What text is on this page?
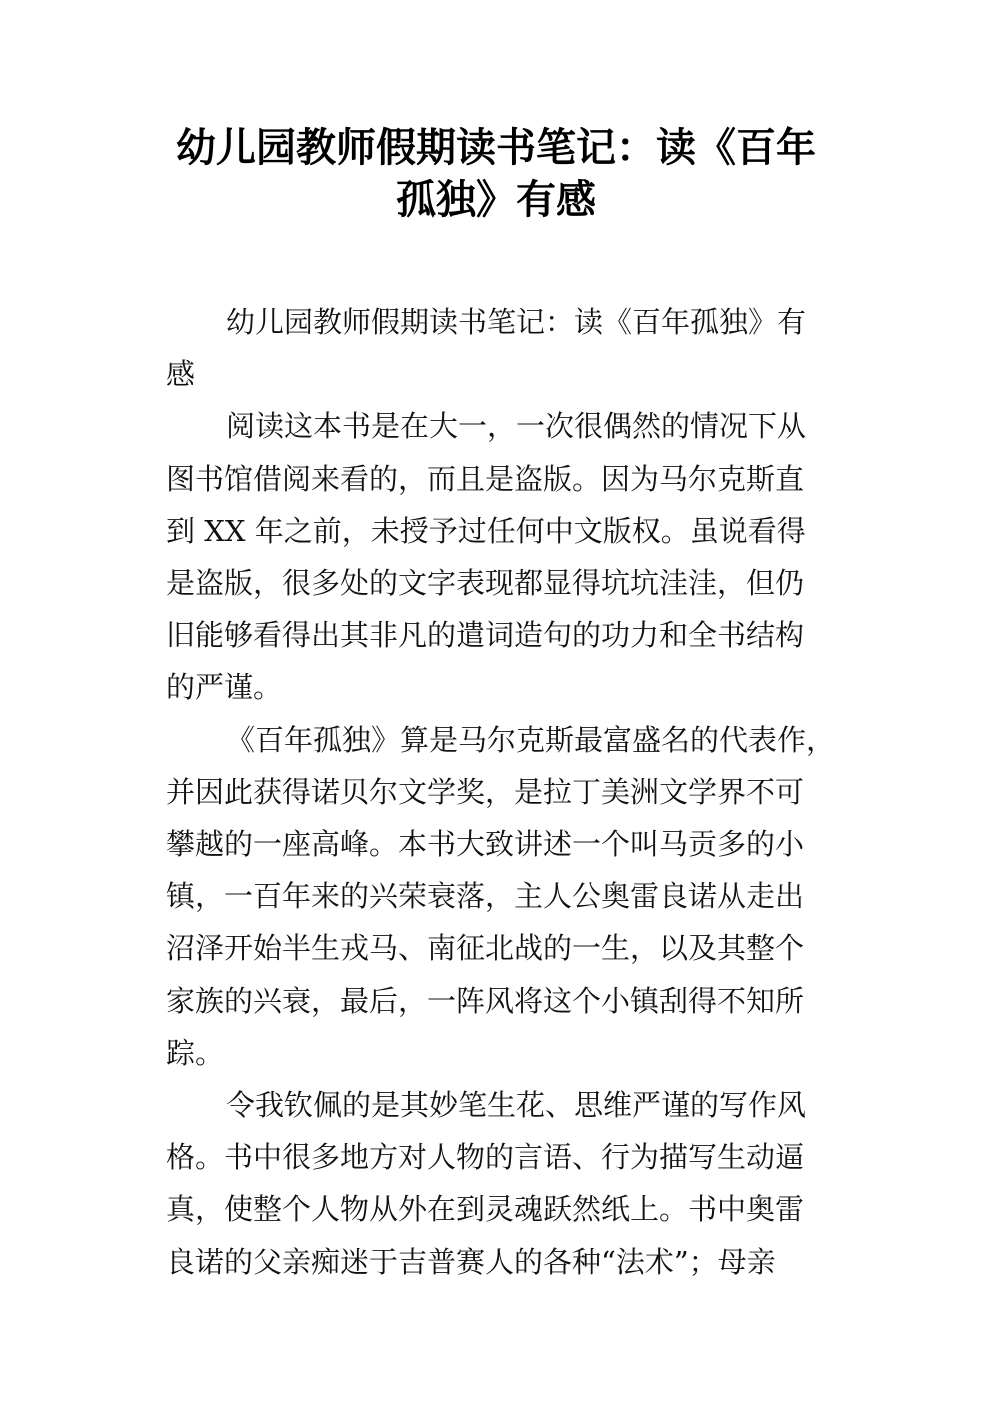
幼儿园教师假期读书笔记：读《百年
孤独》有感

幼儿园教师假期读书笔记：读《百年孤独》有
感

阅读这本书是在大一，一次很偶然的情况下从
图书馆借阅来看的，而且是盗版。因为马尔克斯直
到 XX 年之前，未授予过任何中文版权。虽说看得
是盗版，很多处的文字表现都显得坑坑洼洼，但仍
旧能够看得出其非凡的遣词造句的功力和全书结构
的严谨。

《百年孤独》算是马尔克斯最富盛名的代表作，
并因此获得诺贝尔文学奖，是拉丁美洲文学界不可
攀越的一座高峰。本书大致讲述一个叫马贡多的小
镇，一百年来的兴荣衰落，主人公奥雷良诺从走出
沼泽开始半生戎马、南征北战的一生，以及其整个
家族的兴衰，最后，一阵风将这个小镇刮得不知所
踪。

令我钦佩的是其妙笔生花、思维严谨的写作风
格。书中很多地方对人物的言语、行为描写生动逼
真，使整个人物从外在到灵魂跃然纸上。书中奥雷
良诺的父亲痴迷于吉普赛人的各种“法术”；母亲
